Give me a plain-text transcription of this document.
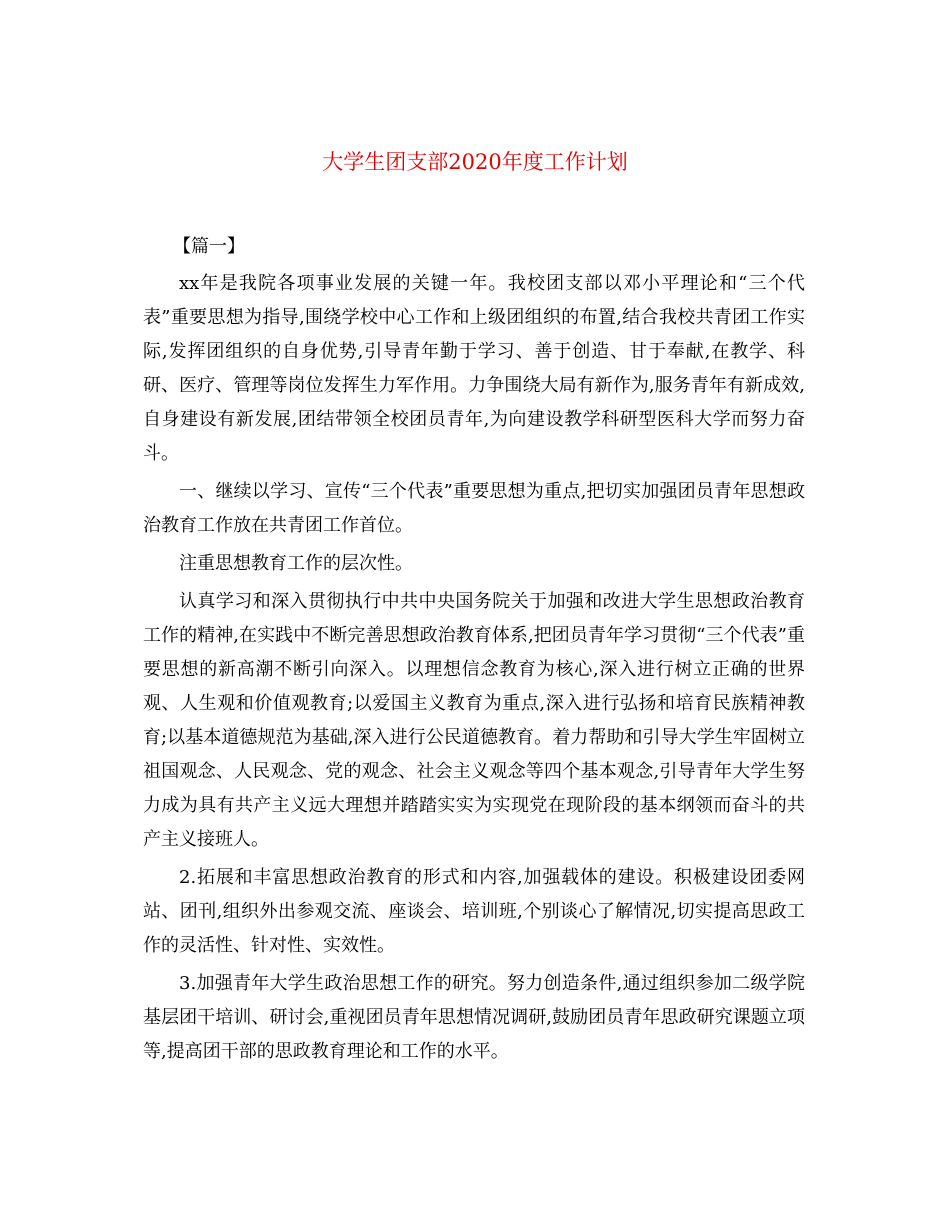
大学生团支部2020年度工作计划

【篇一】

xx年是我院各项事业发展的关键一年。我校团支部以邓小平理论和“三个代表”重要思想为指导,围绕学校中心工作和上级团组织的布置,结合我校共青团工作实际,发挥团组织的自身优势,引导青年勤于学习、善于创造、甘于奉献,在教学、科研、医疗、管理等岗位发挥生力军作用。力争围绕大局有新作为,服务青年有新成效,自身建设有新发展,团结带领全校团员青年,为向建设教学科研型医科大学而努力奋斗。

一、继续以学习、宣传“三个代表”重要思想为重点,把切实加强团员青年思想政治教育工作放在共青团工作首位。

注重思想教育工作的层次性。

认真学习和深入贯彻执行中共中央国务院关于加强和改进大学生思想政治教育工作的精神,在实践中不断完善思想政治教育体系,把团员青年学习贯彻“三个代表”重要思想的新高潮不断引向深入。以理想信念教育为核心,深入进行树立正确的世界观、人生观和价值观教育;以爱国主义教育为重点,深入进行弘扬和培育民族精神教育;以基本道德规范为基础,深入进行公民道德教育。着力帮助和引导大学生牢固树立祖国观念、人民观念、党的观念、社会主义观念等四个基本观念,引导青年大学生努力成为具有共产主义远大理想并踏踏实实为实现党在现阶段的基本纲领而奋斗的共产主义接班人。

2.拓展和丰富思想政治教育的形式和内容,加强载体的建设。积极建设团委网站、团刊,组织外出参观交流、座谈会、培训班,个别谈心了解情况,切实提高思政工作的灵活性、针对性、实效性。

3.加强青年大学生政治思想工作的研究。努力创造条件,通过组织参加二级学院基层团干培训、研讨会,重视团员青年思想情况调研,鼓励团员青年思政研究课题立项等,提高团干部的思政教育理论和工作的水平。
